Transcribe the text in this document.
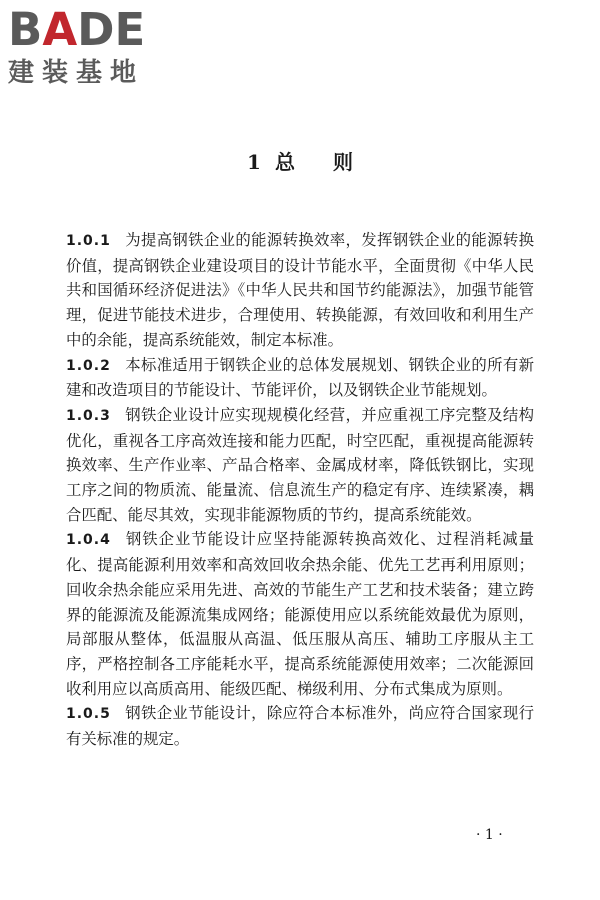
BADE
建装基地
1 总则

1.0.1 为提高钢铁企业的能源转换效率，发挥钢铁企业的能源转换价值，提高钢铁企业建设项目的设计节能水平，全面贯彻《中华人民共和国循环经济促进法》《中华人民共和国节约能源法》，加强节能管理，促进节能技术进步，合理使用、转换能源，有效回收和利用生产中的余能，提高系统能效，制定本标准。

1.0.2 本标准适用于钢铁企业的总体发展规划、钢铁企业的所有新建和改造项目的节能设计、节能评价，以及钢铁企业节能规划。

1.0.3 钢铁企业设计应实现规模化经营，并应重视工序完整及结构优化，重视各工序高效连接和能力匹配，时空匹配，重视提高能源转换效率、生产作业率、产品合格率、金属成材率，降低铁钢比，实现工序之间的物质流、能量流、信息流生产的稳定有序、连续紧凑，耦合匹配、能尽其效，实现非能源物质的节约，提高系统能效。

1.0.4 钢铁企业节能设计应坚持能源转换高效化、过程消耗减量化、提高能源利用效率和高效回收余热余能、优先工艺再利用原则；回收余热余能应采用先进、高效的节能生产工艺和技术装备；建立跨界的能源流及能源流集成网络；能源使用应以系统能效最优为原则，局部服从整体，低温服从高温、低压服从高压、辅助工序服从主工序，严格控制各工序能耗水平，提高系统能源使用效率；二次能源回收利用应以高质高用、能级匹配、梯级利用、分布式集成为原则。

1.0.5 钢铁企业节能设计，除应符合本标准外，尚应符合国家现行有关标准的规定。

· 1 ·
